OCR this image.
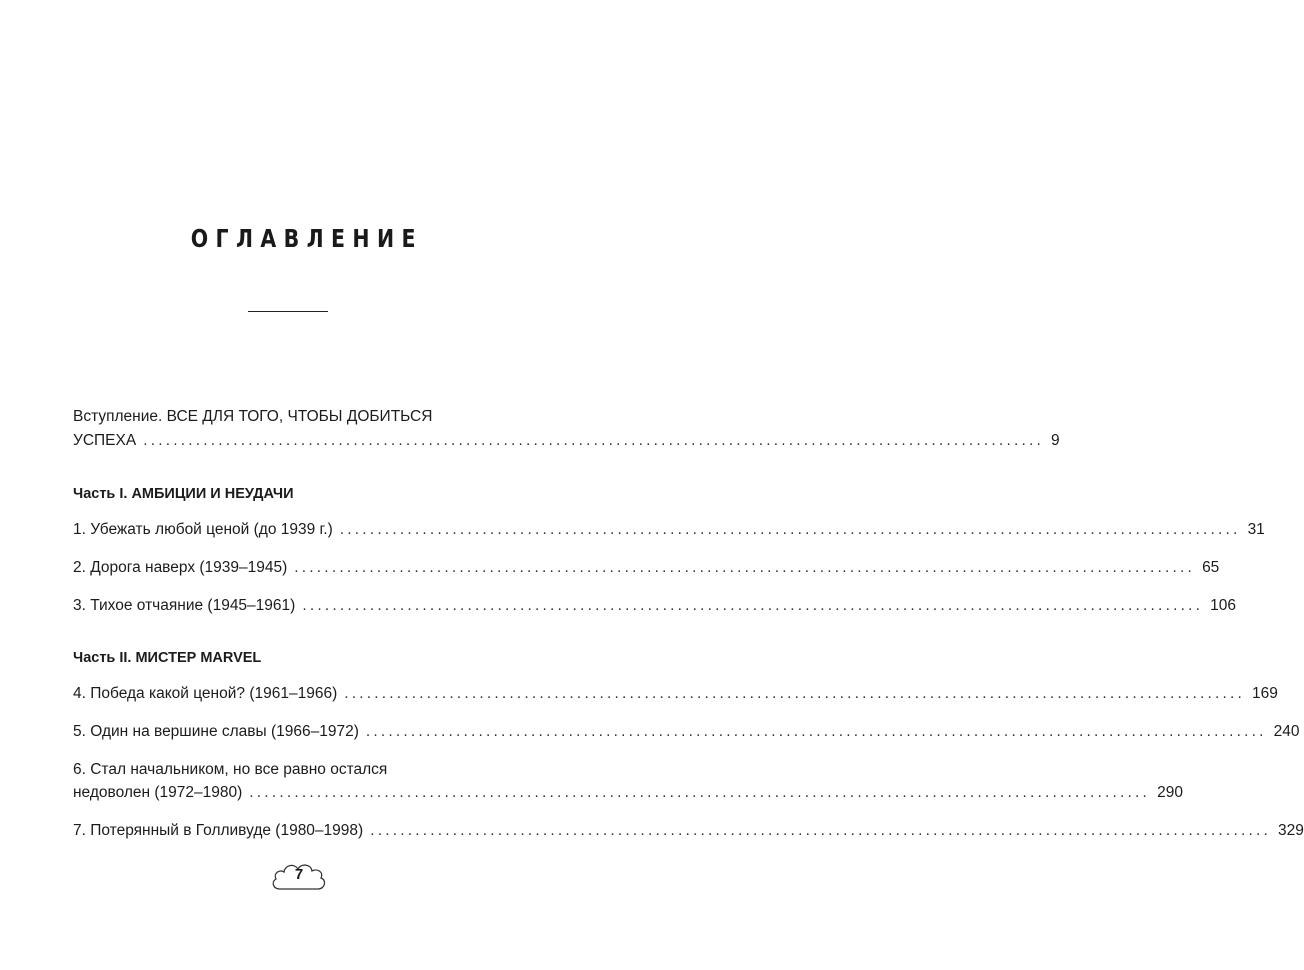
ОГЛАВЛЕНИЕ
Вступление. ВСЕ ДЛЯ ТОГО, ЧТОБЫ ДОБИТЬСЯ
УСПЕХА ........................................................................................................................ 9
Часть I. АМБИЦИИ И НЕУДАЧИ
1. Убежать любой ценой (до 1939 г.) ........................................................................................................................ 31
2. Дорога наверх (1939–1945) ........................................................................................................................ 65
3. Тихое отчаяние (1945–1961) ........................................................................................................................ 106
Часть II. МИСТЕР MARVEL
4. Победа какой ценой? (1961–1966) ........................................................................................................................ 169
5. Один на вершине славы (1966–1972) ........................................................................................................................ 240
6. Стал начальником, но все равно остался
недоволен (1972–1980) ........................................................................................................................ 290
7. Потерянный в Голливуде (1980–1998) ........................................................................................................................ 329
7
